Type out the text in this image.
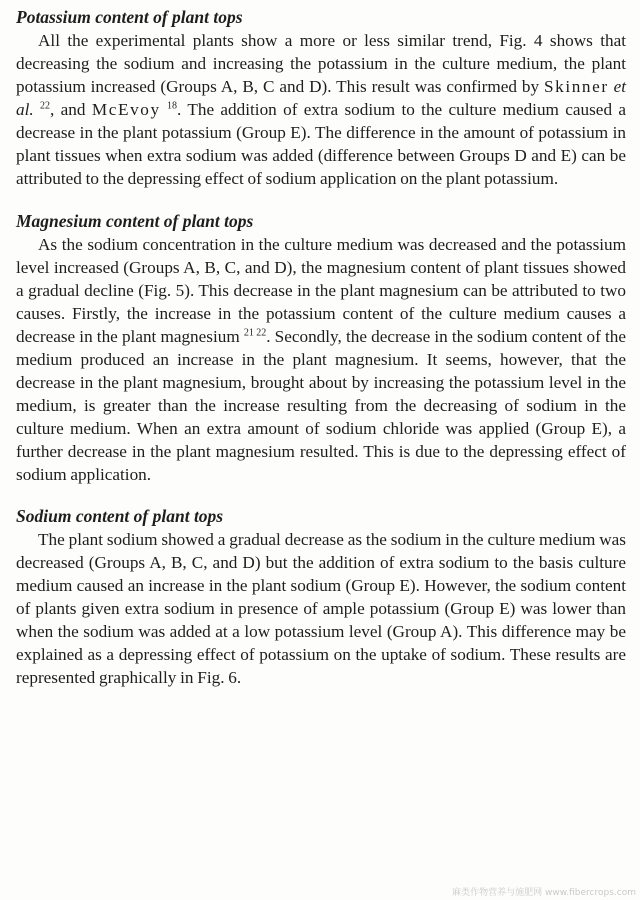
Potassium content of plant tops

All the experimental plants show a more or less similar trend, Fig. 4 shows that decreasing the sodium and increasing the potassium in the culture medium, the plant potassium increased (Groups A, B, C and D). This result was confirmed by Skinner et al. $^{22}$, and McEvoy $^{18}$. The addition of extra sodium to the culture medium caused a decrease in the plant potassium (Group E). The difference in the amount of potassium in plant tissues when extra sodium was added (difference between Groups D and E) can be attributed to the depressing effect of sodium application on the plant potassium.

Magnesium content of plant tops

As the sodium concentration in the culture medium was decreased and the potassium level increased (Groups A, B, C, and D), the magnesium content of plant tissues showed a gradual decline (Fig. 5). This decrease in the plant magnesium can be attributed to two causes. Firstly, the increase in the potassium content of the culture medium causes a decrease in the plant magnesium $^{21 22}$. Secondly, the decrease in the sodium content of the medium produced an increase in the plant magnesium. It seems, however, that the decrease in the plant magnesium, brought about by increasing the potassium level in the medium, is greater than the increase resulting from the decreasing of sodium in the culture medium. When an extra amount of sodium chloride was applied (Group E), a further decrease in the plant magnesium resulted. This is due to the depressing effect of sodium application.

Sodium content of plant tops

The plant sodium showed a gradual decrease as the sodium in the culture medium was decreased (Groups A, B, C, and D) but the addition of extra sodium to the basis culture medium caused an increase in the plant sodium (Group E). However, the sodium content of plants given extra sodium in presence of ample potassium (Group E) was lower than when the sodium was added at a low potassium level (Group A). This difference may be explained as a depressing effect of potassium on the uptake of sodium. These results are represented graphically in Fig. 6.

麻类作物营养与施肥网 www.fibercrops.com
